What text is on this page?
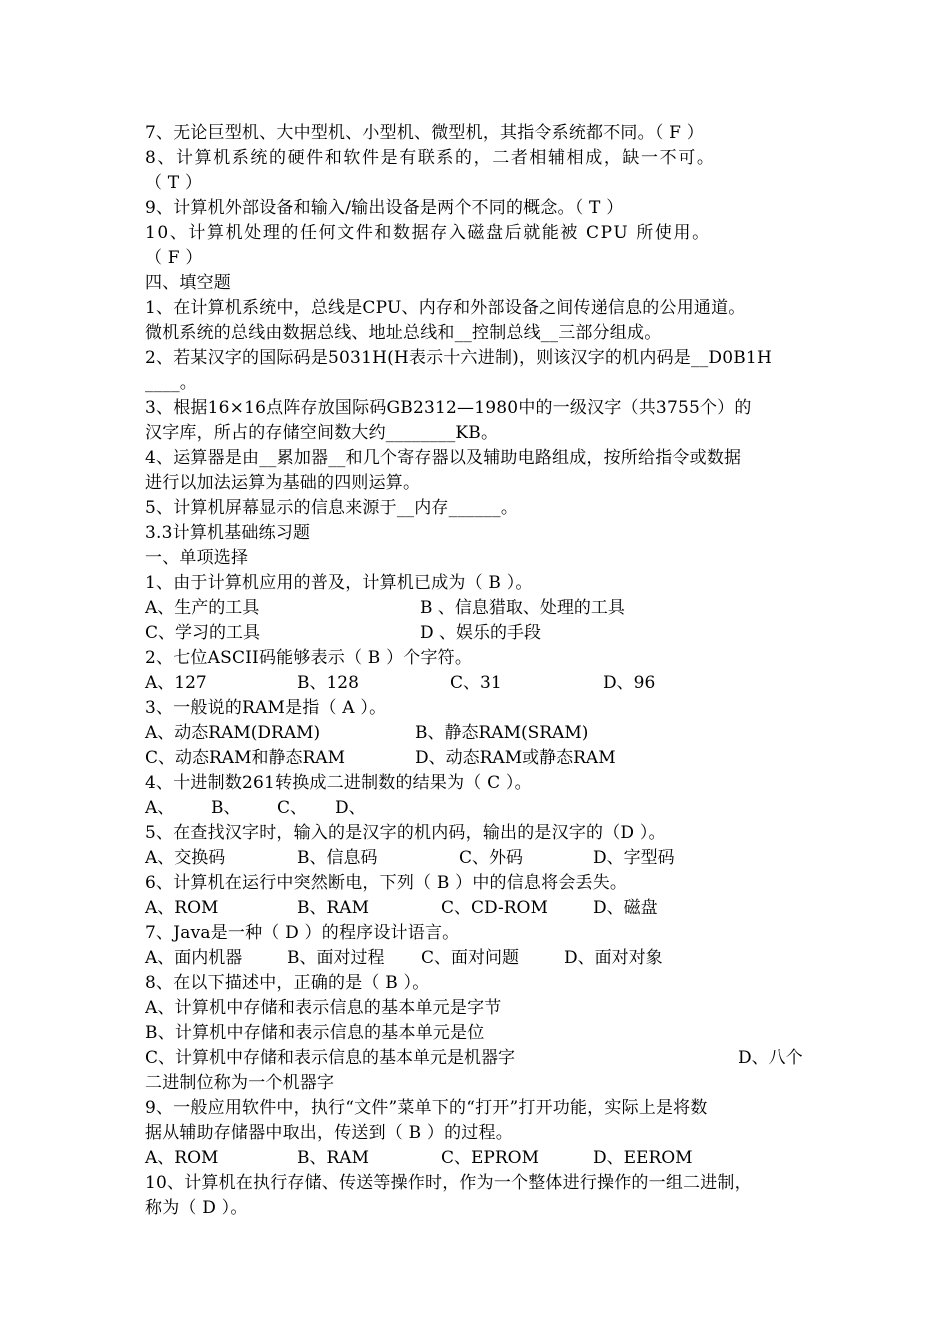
7、无论巨型机、大中型机、小型机、微型机，其指令系统都不同。（ F ）
8、计算机系统的硬件和软件是有联系的，二者相辅相成，缺一不可。
（ T ）
9、计算机外部设备和输入/输出设备是两个不同的概念。（ T ）
10、计算机处理的任何文件和数据存入磁盘后就能被 CPU 所使用。
（ F ）
四、填空题
1、在计算机系统中，总线是CPU、内存和外部设备之间传递信息的公用通道。
微机系统的总线由数据总线、地址总线和__控制总线__三部分组成。
2、若某汉字的国际码是5031H(H表示十六进制)，则该汉字的机内码是__D0B1H
____。
3、根据16×16点阵存放国际码GB2312—1980中的一级汉字（共3755个）的
汉字库，所占的存储空间数大约________KB。
4、运算器是由__累加器__和几个寄存器以及辅助电路组成，按所给指令或数据
进行以加法运算为基础的四则运算。
5、计算机屏幕显示的信息来源于__内存______。
3.3计算机基础练习题
一、单项选择
1、由于计算机应用的普及，计算机已成为（ B ）。
A、生产的工具	B 、信息猎取、处理的工具
C、学习的工具	D 、娱乐的手段
2、七位ASCII码能够表示（ B ）个字符。
A、127	B、128	C、31	D、96
3、一般说的RAM是指（ A ）。
A、动态RAM(DRAM)	B、静态RAM(SRAM)
C、动态RAM和静态RAM	D、动态RAM或静态RAM
4、十进制数261转换成二进制数的结果为（ C ）。
A、 B、 C、 D、
5、在查找汉字时，输入的是汉字的机内码，输出的是汉字的（D ）。
A、交换码	B、信息码	C、外码	D、字型码
6、计算机在运行中突然断电，下列（ B ）中的信息将会丢失。
A、ROM	B、RAM	C、CD-ROM	D、磁盘
7、Java是一种（ D ）的程序设计语言。
A、面内机器	B、面对过程 C、面对问题	D、面对对象
8、在以下描述中，正确的是（ B ）。
A、计算机中存储和表示信息的基本单元是字节
B、计算机中存储和表示信息的基本单元是位
C、计算机中存储和表示信息的基本单元是机器字	D、八个
二进制位称为一个机器字
9、一般应用软件中，执行“文件”菜单下的“打开”打开功能，实际上是将数
据从辅助存储器中取出，传送到（ B ）的过程。
A、ROM	B、RAM	C、EPROM	D、EEROM
10、计算机在执行存储、传送等操作时，作为一个整体进行操作的一组二进制，
称为（ D ）。
